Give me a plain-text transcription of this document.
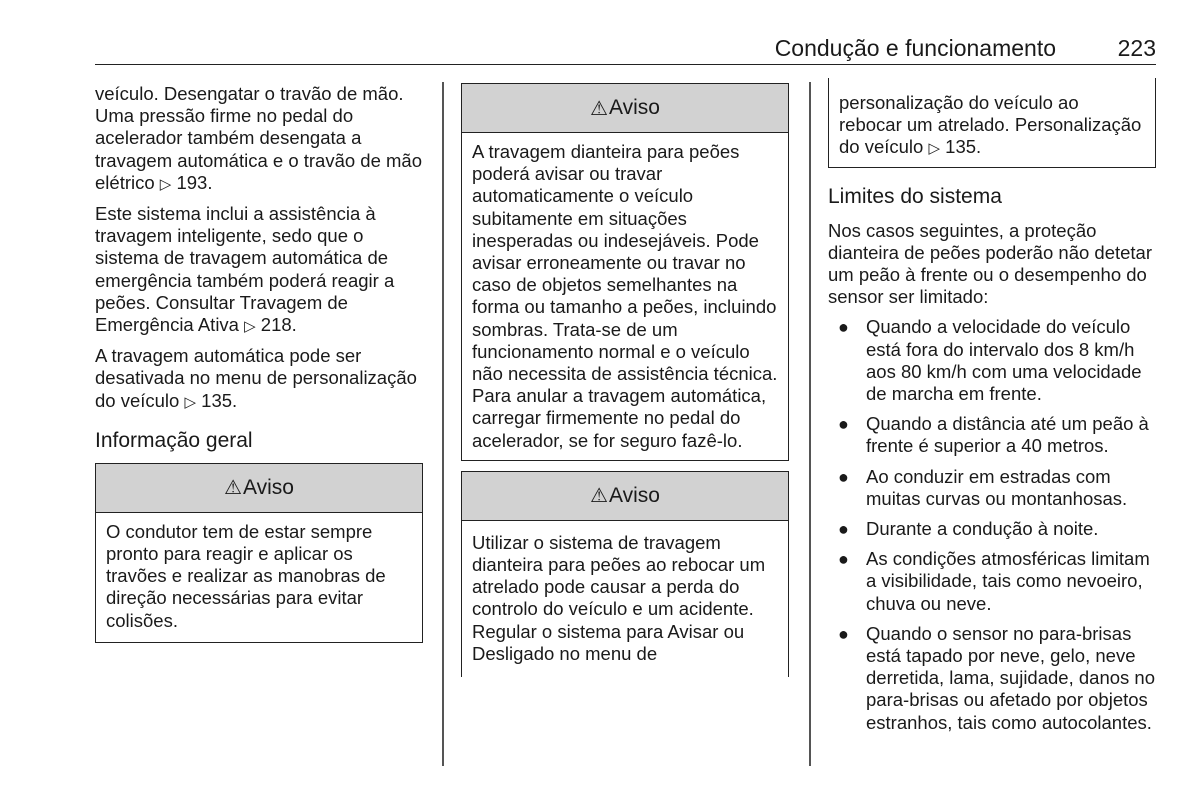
Condução e funcionamento	223

veículo. Desengatar o travão de mão. Uma pressão firme no pedal do acelerador também desengata a travagem automática e o travão de mão elétrico ▷ 193.

Este sistema inclui a assistência à travagem inteligente, sedo que o sistema de travagem automática de emergência também poderá reagir a peões. Consultar Travagem de Emergência Ativa ▷ 218.

A travagem automática pode ser desativada no menu de personalização do veículo ▷ 135.

Informação geral
⚠ Aviso
O condutor tem de estar sempre pronto para reagir e aplicar os travões e realizar as manobras de direção necessárias para evitar colisões.
⚠ Aviso
A travagem dianteira para peões poderá avisar ou travar automaticamente o veículo subitamente em situações inesperadas ou indesejáveis. Pode avisar erroneamente ou travar no caso de objetos semelhantes na forma ou tamanho a peões, incluindo sombras. Trata-se de um funcionamento normal e o veículo não necessita de assistência técnica. Para anular a travagem automática, carregar firmemente no pedal do acelerador, se for seguro fazê-lo.
⚠ Aviso
Utilizar o sistema de travagem dianteira para peões ao rebocar um atrelado pode causar a perda do controlo do veículo e um acidente. Regular o sistema para Avisar ou Desligado no menu de
personalização do veículo ao rebocar um atrelado. Personalização do veículo ▷ 135.
Limites do sistema

Nos casos seguintes, a proteção dianteira de peões poderão não detetar um peão à frente ou o desempenho do sensor ser limitado:

● Quando a velocidade do veículo está fora do intervalo dos 8 km/h aos 80 km/h com uma velocidade de marcha em frente.
● Quando a distância até um peão à frente é superior a 40 metros.
● Ao conduzir em estradas com muitas curvas ou montanhosas.
● Durante a condução à noite.
● As condições atmosféricas limitam a visibilidade, tais como nevoeiro, chuva ou neve.
● Quando o sensor no para-brisas está tapado por neve, gelo, neve derretida, lama, sujidade, danos no para-brisas ou afetado por objetos estranhos, tais como autocolantes.
